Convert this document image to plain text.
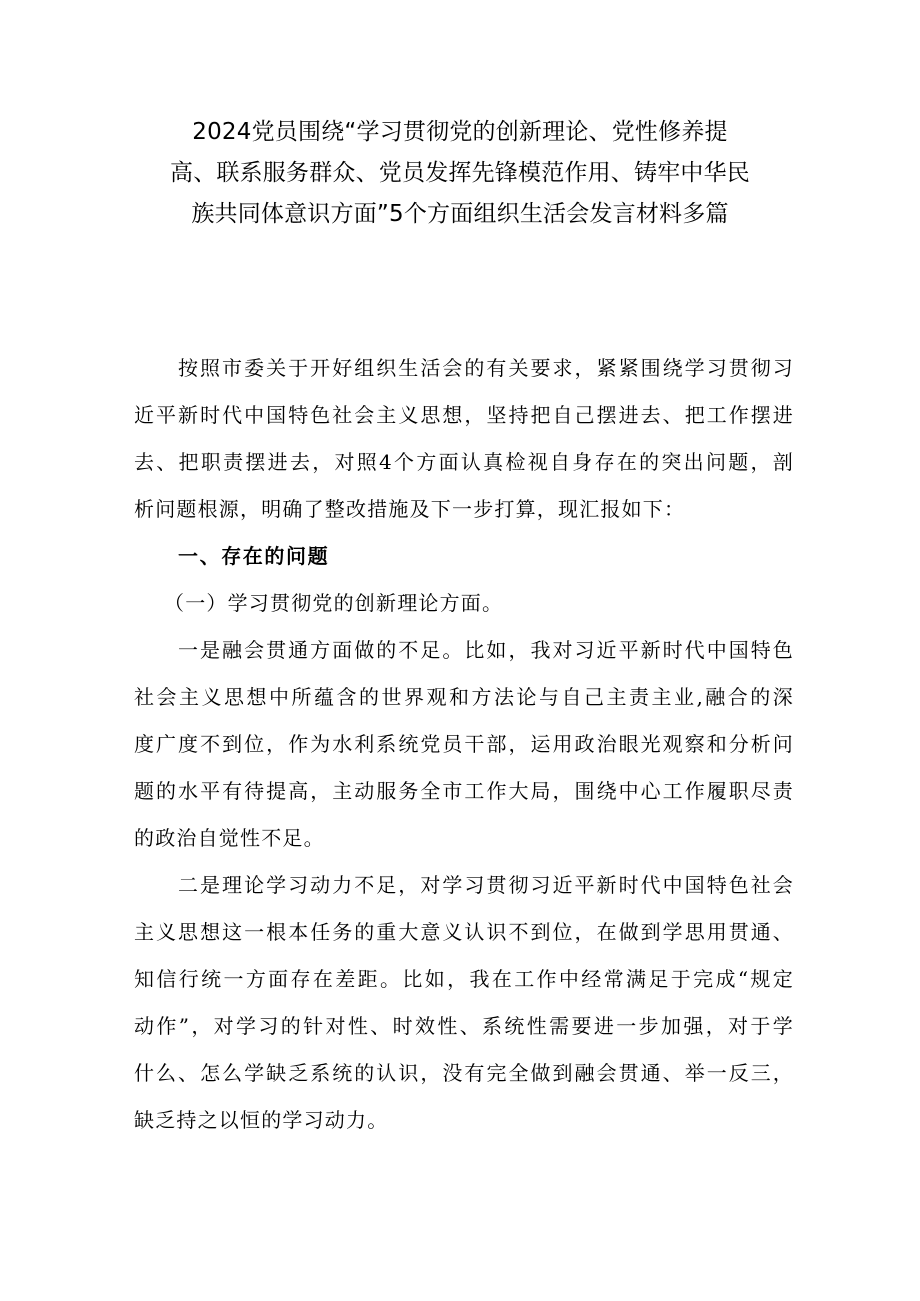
2024党员围绕“学习贯彻党的创新理论、党性修养提
高、联系服务群众、党员发挥先锋模范作用、铸牢中华民
族共同体意识方面”5个方面组织生活会发言材料多篇
按照市委关于开好组织生活会的有关要求，紧紧围绕学习贯彻习
近平新时代中国特色社会主义思想，坚持把自己摆进去、把工作摆进
去、把职责摆进去，对照4个方面认真检视自身存在的突出问题，剖
析问题根源，明确了整改措施及下一步打算，现汇报如下：
一、存在的问题
（一）学习贯彻党的创新理论方面。
一是融会贯通方面做的不足。比如，我对习近平新时代中国特色
社会主义思想中所蕴含的世界观和方法论与自己主责主业,融合的深
度广度不到位，作为水利系统党员干部，运用政治眼光观察和分析问
题的水平有待提高，主动服务全市工作大局，围绕中心工作履职尽责
的政治自觉性不足。
二是理论学习动力不足，对学习贯彻习近平新时代中国特色社会
主义思想这一根本任务的重大意义认识不到位，在做到学思用贯通、
知信行统一方面存在差距。比如，我在工作中经常满足于完成“规定
动作”，对学习的针对性、时效性、系统性需要进一步加强，对于学
什么、怎么学缺乏系统的认识，没有完全做到融会贯通、举一反三，
缺乏持之以恒的学习动力。
